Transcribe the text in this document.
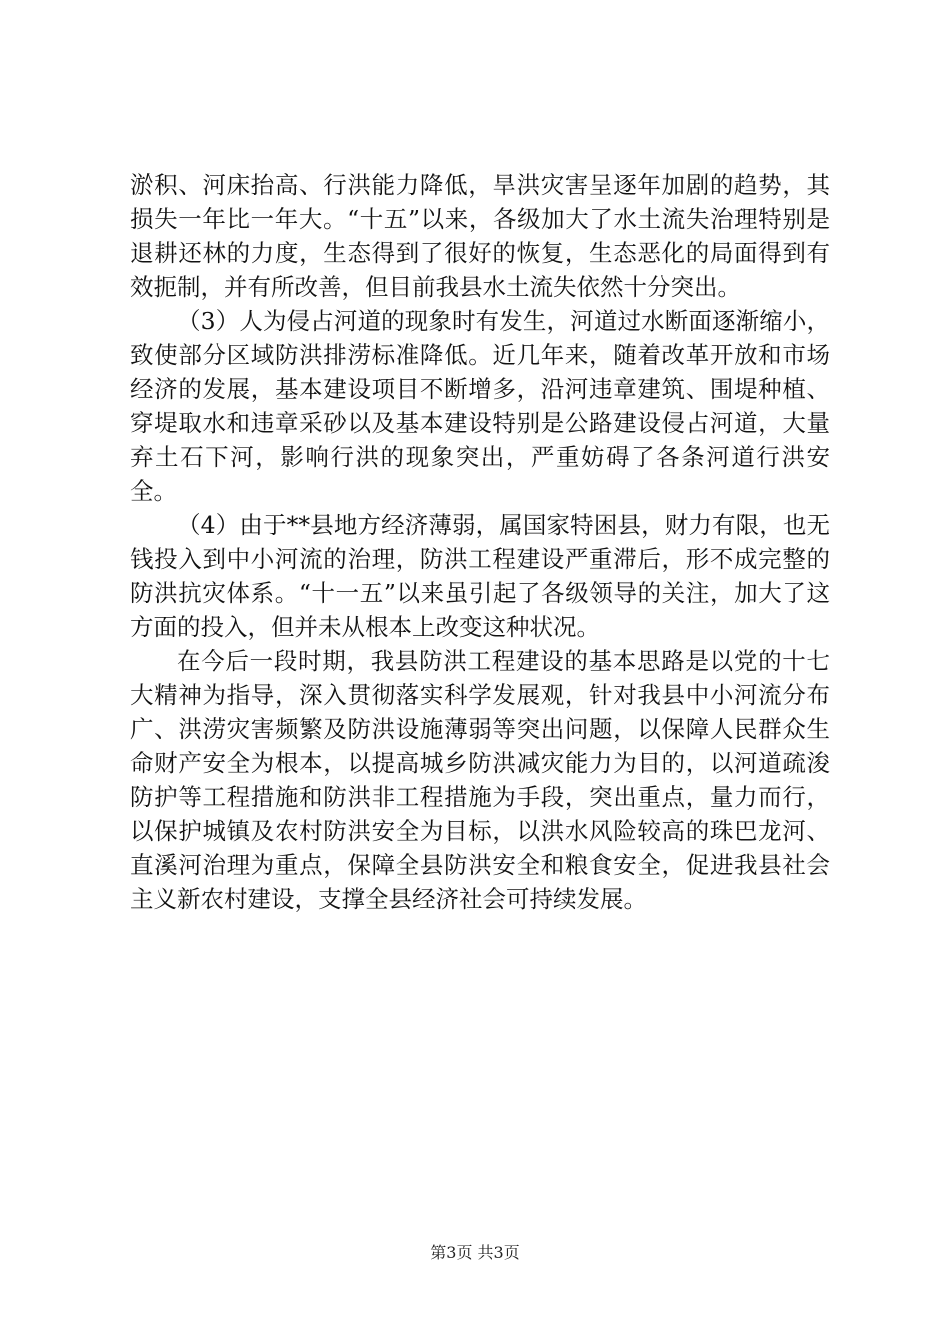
淤积、河床抬高、行洪能力降低，旱洪灾害呈逐年加剧的趋势，其损失一年比一年大。“十五”以来，各级加大了水土流失治理特别是退耕还林的力度，生态得到了很好的恢复，生态恶化的局面得到有效扼制，并有所改善，但目前我县水土流失依然十分突出。

（3）人为侵占河道的现象时有发生，河道过水断面逐渐缩小，致使部分区域防洪排涝标准降低。近几年来，随着改革开放和市场经济的发展，基本建设项目不断增多，沿河违章建筑、围堤种植、穿堤取水和违章采砂以及基本建设特别是公路建设侵占河道，大量弃土石下河，影响行洪的现象突出，严重妨碍了各条河道行洪安全。

（4）由于**县地方经济薄弱，属国家特困县，财力有限，也无钱投入到中小河流的治理，防洪工程建设严重滞后，形不成完整的防洪抗灾体系。“十一五”以来虽引起了各级领导的关注，加大了这方面的投入，但并未从根本上改变这种状况。

在今后一段时期，我县防洪工程建设的基本思路是以党的十七大精神为指导，深入贯彻落实科学发展观，针对我县中小河流分布广、洪涝灾害频繁及防洪设施薄弱等突出问题，以保障人民群众生命财产安全为根本，以提高城乡防洪减灾能力为目的，以河道疏浚防护等工程措施和防洪非工程措施为手段，突出重点，量力而行，以保护城镇及农村防洪安全为目标，以洪水风险较高的珠巴龙河、直溪河治理为重点，保障全县防洪安全和粮食安全，促进我县社会主义新农村建设，支撑全县经济社会可持续发展。

第3页 共3页
